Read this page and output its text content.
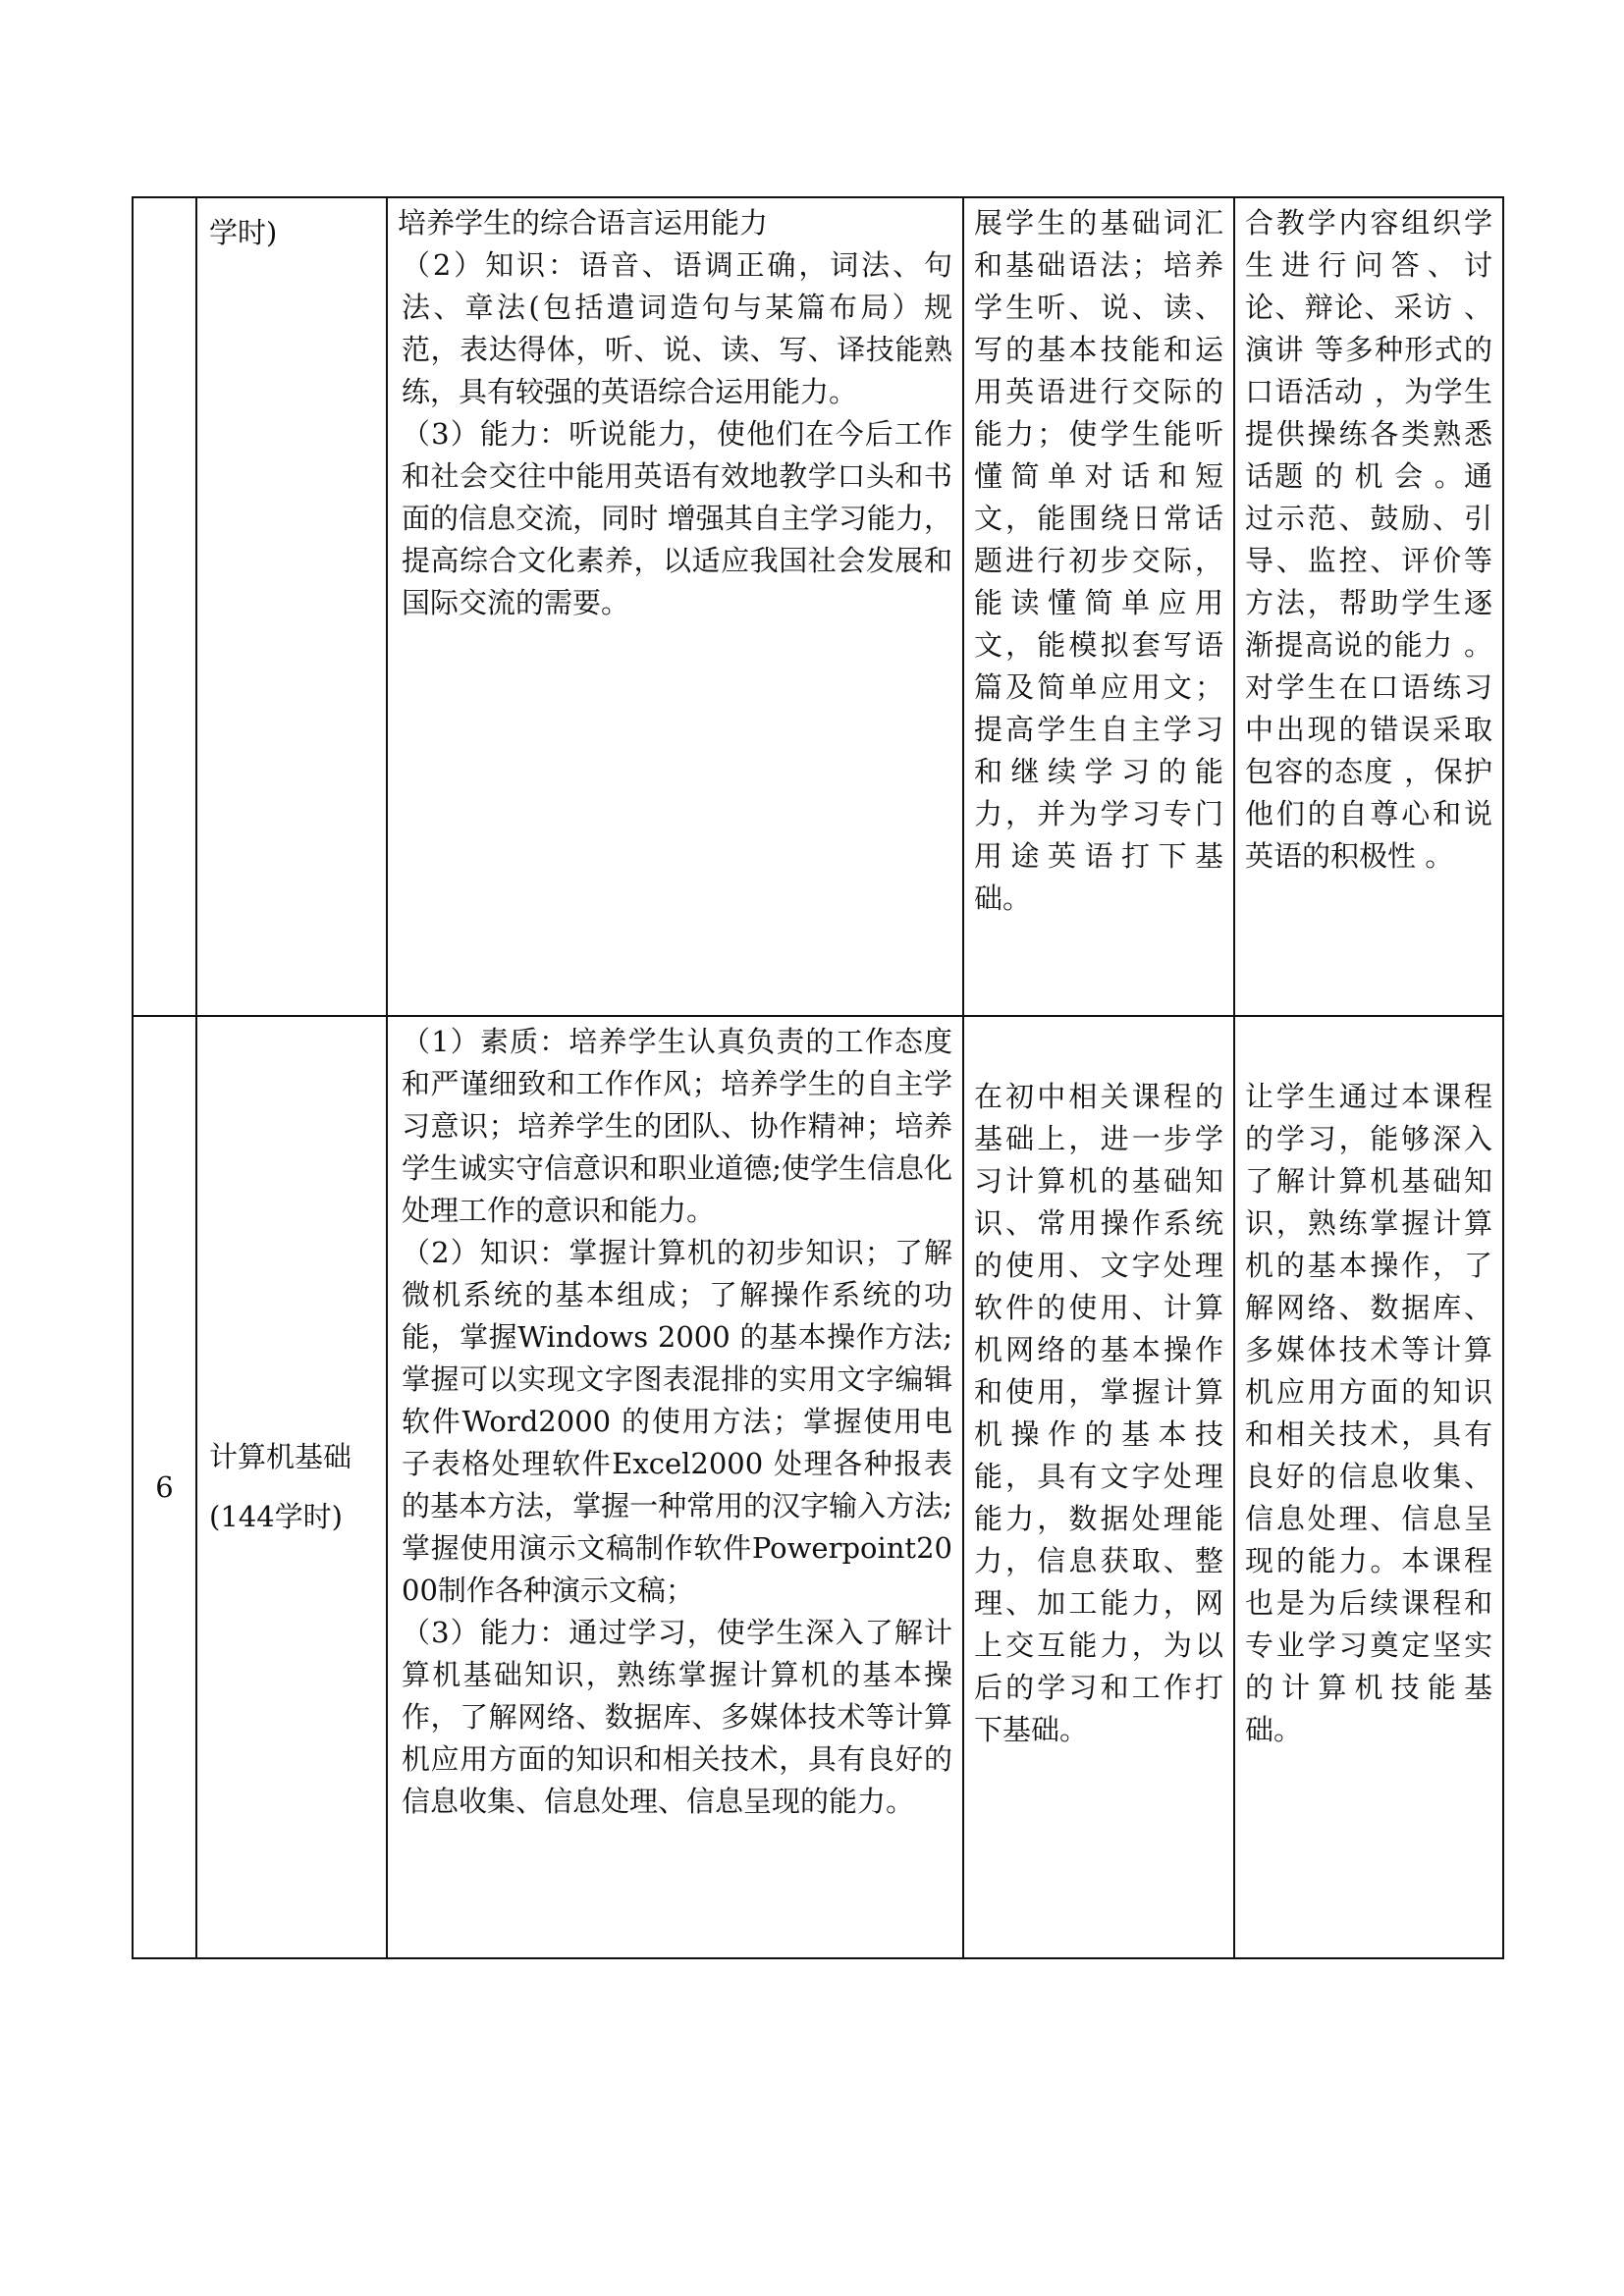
	学时)	培养学生的综合语言运用能力
（2）知识：语音、语调正确，词法、句法、章法(包括遣词造句与某篇布局）规范，表达得体，听、说、读、写、译技能熟练，具有较强的英语综合运用能力。
（3）能力：听说能力，使他们在今后工作和社会交往中能用英语有效地教学口头和书面的信息交流，同时 增强其自主学习能力，提高综合文化素养，以适应我国社会发展和国际交流的需要。	展学生的基础词汇和基础语法；培养学生听、说、读、写的基本技能和运用英语进行交际的能力；使学生能听懂简单对话和短文，能围绕日常话题进行初步交际，能读懂简单应用文，能模拟套写语篇及简单应用文；提高学生自主学习和继续学习的能力，并为学习专门用途英语打下基础。	合教学内容组织学生进行问答、讨论、辩论、采访 、演讲 等多种形式的口语活动 ，为学生提供操练各类熟悉话题 的 机 会 。通过示范、鼓励、引导、监控、评价等方法，帮助学生逐渐提高说的能力 。 对学生在口语练习中出现的错误采取包容的态度 ，保护他们的自尊心和说英语的积极性 。

6	计算机基础 (144学时)	（1）素质：培养学生认真负责的工作态度和严谨细致和工作作风；培养学生的自主学习意识；培养学生的团队、协作精神；培养学生诚实守信意识和职业道德;使学生信息化处理工作的意识和能力。
（2）知识：掌握计算机的初步知识；了解微机系统的基本组成；了解操作系统的功能，掌握Windows 2000 的基本操作方法;掌握可以实现文字图表混排的实用文字编辑软件Word2000 的使用方法；掌握使用电子表格处理软件Excel2000 处理各种报表的基本方法，掌握一种常用的汉字输入方法;掌握使用演示文稿制作软件Powerpoint2000制作各种演示文稿；
（3）能力：通过学习，使学生深入了解计算机基础知识，熟练掌握计算机的基本操作，了解网络、数据库、多媒体技术等计算机应用方面的知识和相关技术，具有良好的信息收集、信息处理、信息呈现的能力。	在初中相关课程的基础上，进一步学习计算机的基础知识、常用操作系统的使用、文字处理软件的使用、计算机网络的基本操作和使用，掌握计算机操作的基本技能，具有文字处理能力，数据处理能力，信息获取、整理、加工能力，网上交互能力，为以后的学习和工作打下基础。	让学生通过本课程的学习，能够深入了解计算机基础知识，熟练掌握计算机的基本操作，了解网络、数据库、多媒体技术等计算机应用方面的知识和相关技术，具有良好的信息收集、信息处理、信息呈现的能力。本课程也是为后续课程和专业学习奠定坚实的计算机技能基础。
